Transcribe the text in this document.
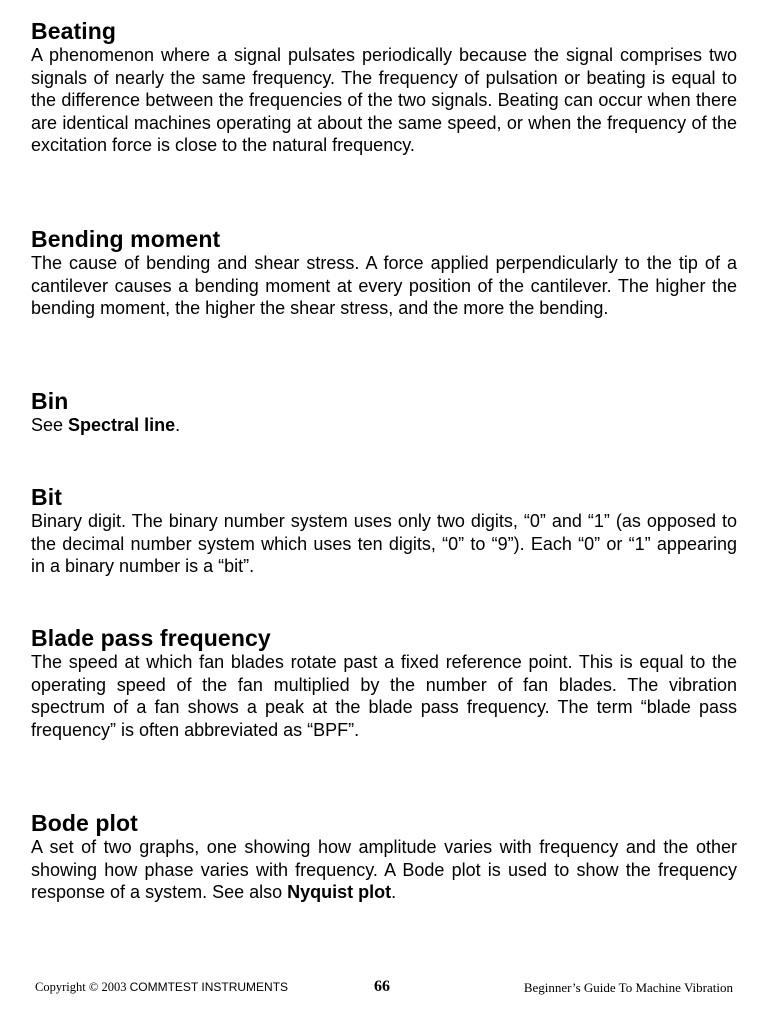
Beating

A phenomenon where a signal pulsates periodically because the signal comprises two signals of nearly the same frequency. The frequency of pulsation or beating is equal to the difference between the frequencies of the two signals. Beating can occur when there are identical machines operating at about the same speed, or when the frequency of the excitation force is close to the natural frequency.

Bending moment

The cause of bending and shear stress. A force applied perpendicularly to the tip of a cantilever causes a bending moment at every position of the cantilever. The higher the bending moment, the higher the shear stress, and the more the bending.

Bin

See Spectral line.

Bit

Binary digit. The binary number system uses only two digits, “0” and “1” (as opposed to the decimal number system which uses ten digits, “0” to “9”). Each “0” or “1” appearing in a binary number is a “bit”.

Blade pass frequency

The speed at which fan blades rotate past a fixed reference point. This is equal to the operating speed of the fan multiplied by the number of fan blades. The vibration spectrum of a fan shows a peak at the blade pass frequency. The term “blade pass frequency” is often abbreviated as “BPF”.

Bode plot

A set of two graphs, one showing how amplitude varies with frequency and the other showing how phase varies with frequency. A Bode plot is used to show the frequency response of a system. See also Nyquist plot.

Copyright © 2003 COMMTEST INSTRUMENTS	66	Beginner’s Guide To Machine Vibration
